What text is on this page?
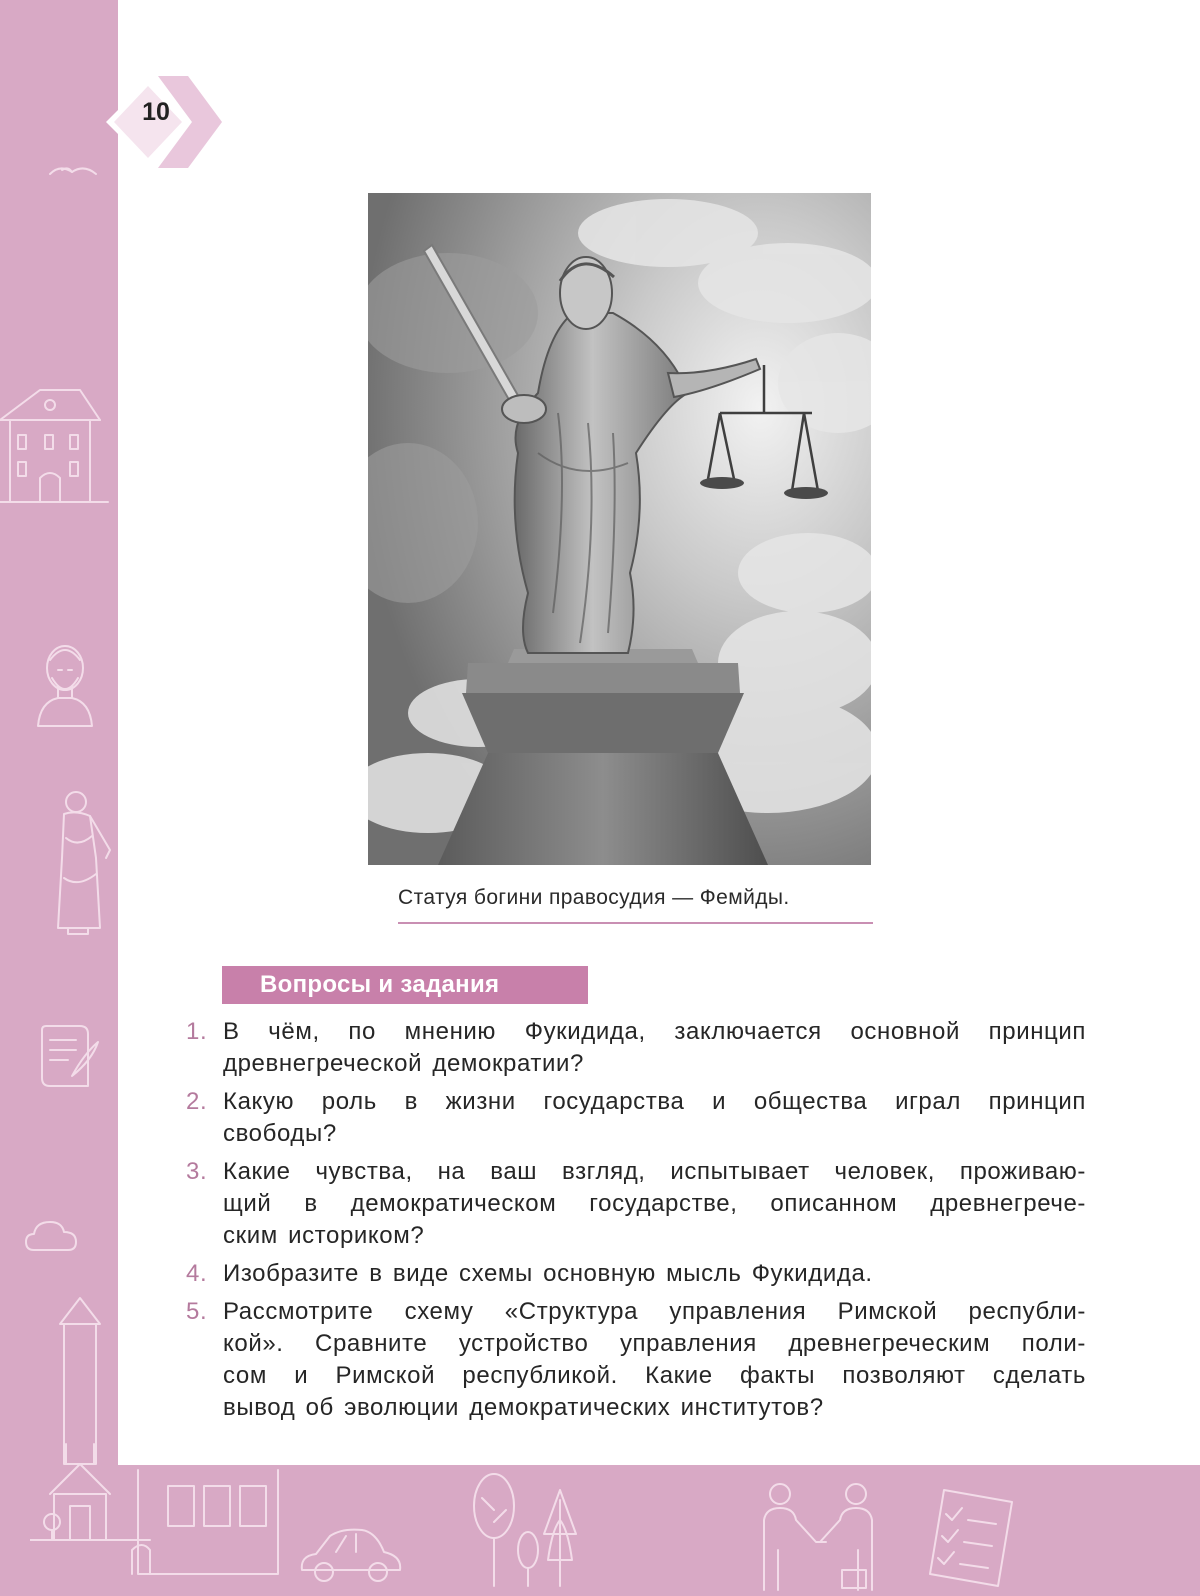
10
Статуя богини правосудия — Фемйды.
Вопросы и задания
1. В чём, по мнению Фукидида, заключается основной принцип
древнегреческой демократии?
2. Какую роль в жизни государства и общества играл принцип
свободы?
3. Какие чувства, на ваш взгляд, испытывает человек, проживаю-
щий в демократическом государстве, описанном древнегрече-
ским историком?
4. Изобразите в виде схемы основную мысль Фукидида.
5. Рассмотрите схему «Структура управления Римской республи-
кой». Сравните устройство управления древнегреческим поли-
сом и Римской республикой. Какие факты позволяют сделать
вывод об эволюции демократических институтов?
